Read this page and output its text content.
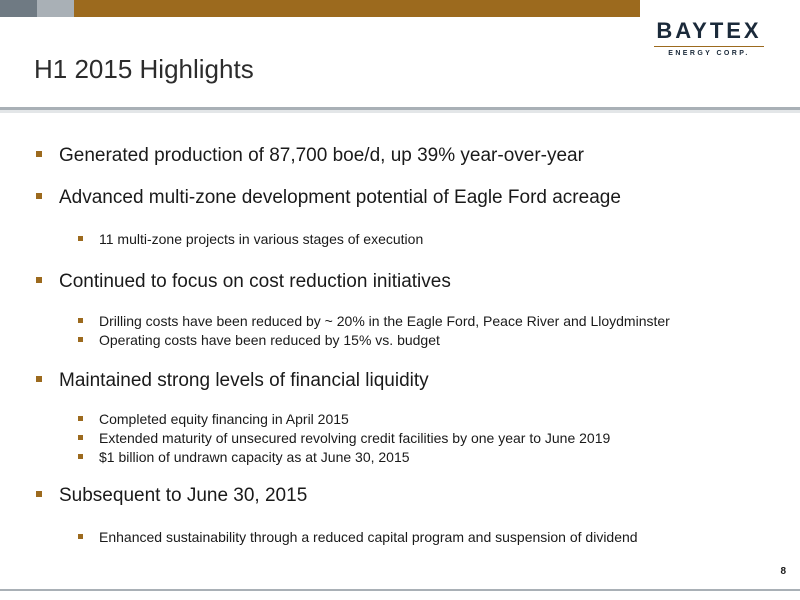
BAYTEX
ENERGY CORP.
H1 2015 Highlights
Generated production of 87,700 boe/d, up 39% year-over-year
Advanced multi-zone development potential of Eagle Ford acreage
11 multi-zone projects in various stages of execution
Continued to focus on cost reduction initiatives
Drilling costs have been reduced by ~ 20% in the Eagle Ford, Peace River and Lloydminster
Operating costs have been reduced by 15% vs. budget
Maintained strong levels of financial liquidity
Completed equity financing in April 2015
Extended maturity of unsecured revolving credit facilities by one year to June 2019
$1 billion of undrawn capacity as at June 30, 2015
Subsequent to June 30, 2015
Enhanced sustainability through a reduced capital program and suspension of dividend
8
